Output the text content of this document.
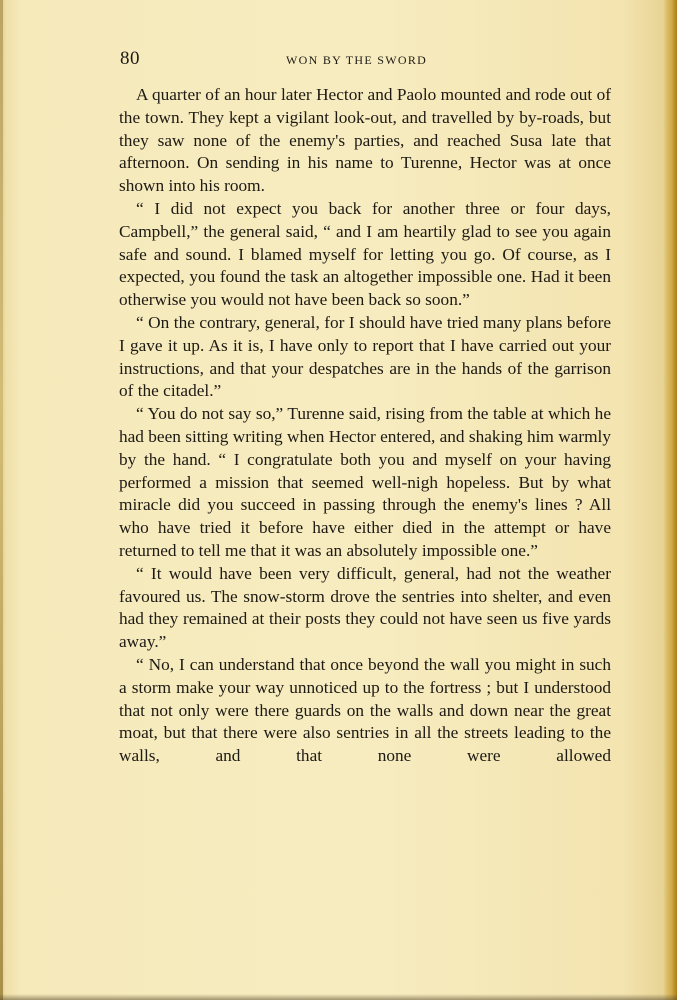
80	WON BY THE SWORD

A quarter of an hour later Hector and Paolo mounted and rode out of the town. They kept a vigilant look-out, and travelled by by-roads, but they saw none of the enemy's parties, and reached Susa late that afternoon. On sending in his name to Turenne, Hector was at once shown into his room.

“ I did not expect you back for another three or four days, Campbell,” the general said, “ and I am heartily glad to see you again safe and sound. I blamed myself for letting you go. Of course, as I expected, you found the task an altogether impossible one. Had it been otherwise you would not have been back so soon.”

“ On the contrary, general, for I should have tried many plans before I gave it up. As it is, I have only to report that I have carried out your instructions, and that your despatches are in the hands of the garrison of the citadel.”

“ You do not say so,” Turenne said, rising from the table at which he had been sitting writing when Hector entered, and shaking him warmly by the hand. “ I congratulate both you and myself on your having performed a mission that seemed well-nigh hopeless. But by what miracle did you succeed in passing through the enemy's lines ? All who have tried it before have either died in the attempt or have returned to tell me that it was an absolutely impossible one.”

“ It would have been very difficult, general, had not the weather favoured us. The snow-storm drove the sentries into shelter, and even had they remained at their posts they could not have seen us five yards away.”

“ No, I can understand that once beyond the wall you might in such a storm make your way unnoticed up to the fortress ; but I understood that not only were there guards on the walls and down near the great moat, but that there were also sentries in all the streets leading to the walls, and that none were allowed
